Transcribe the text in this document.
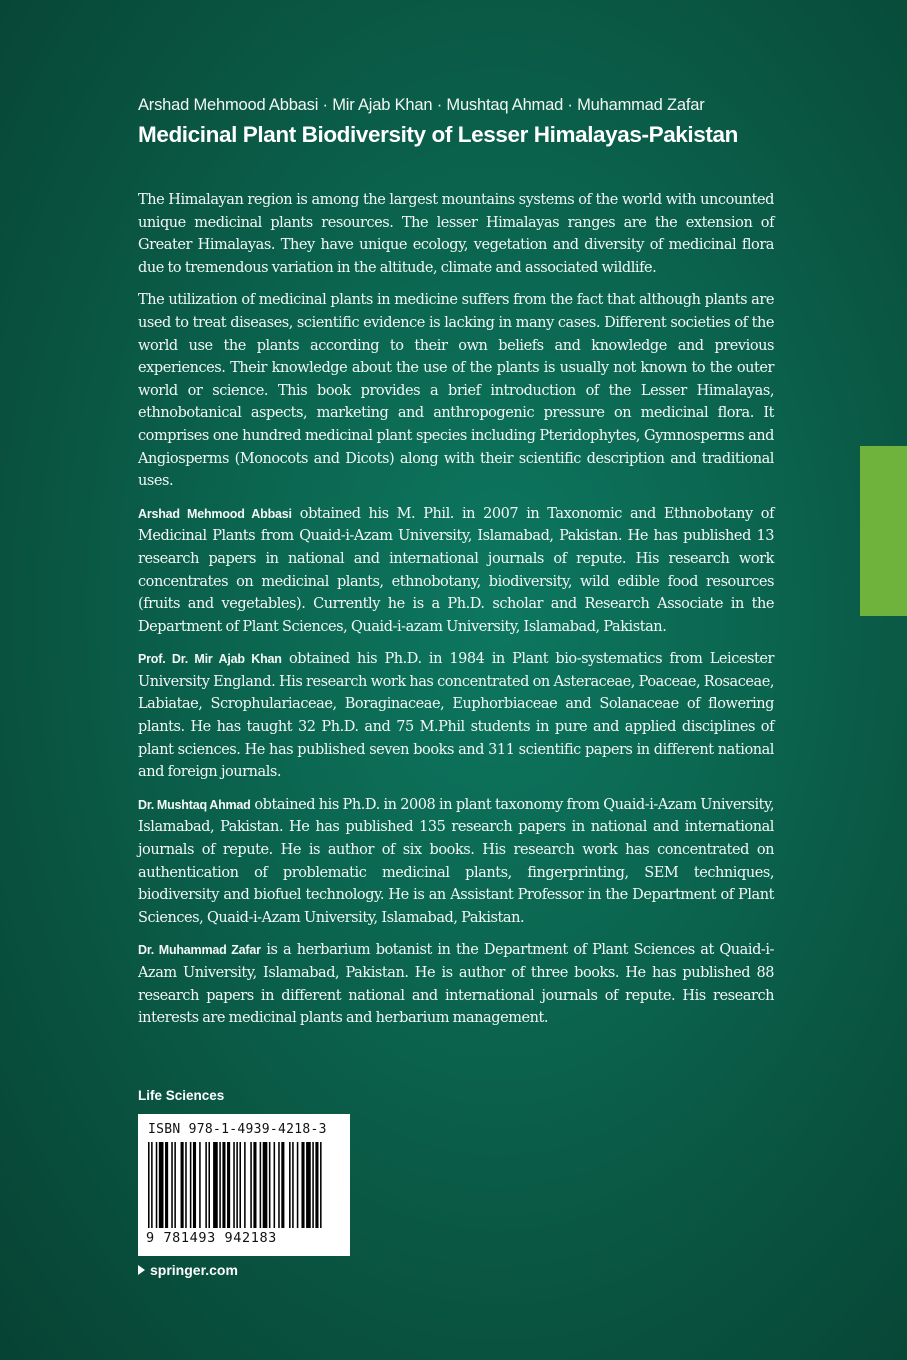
Arshad Mehmood Abbasi · Mir Ajab Khan · Mushtaq Ahmad · Muhammad Zafar
Medicinal Plant Biodiversity of Lesser Himalayas-Pakistan

The Himalayan region is among the largest mountains systems of the world with uncounted unique medicinal plants resources. The lesser Himalayas ranges are the extension of Greater Himalayas. They have unique ecology, vegetation and diversity of medicinal flora due to tremendous variation in the altitude, climate and associated wildlife.

The utilization of medicinal plants in medicine suffers from the fact that although plants are used to treat diseases, scientific evidence is lacking in many cases. Different societies of the world use the plants according to their own beliefs and knowledge and previous experiences. Their knowledge about the use of the plants is usually not known to the outer world or science. This book provides a brief introduction of the Lesser Himalayas, ethnobotanical aspects, marketing and anthropogenic pressure on medicinal flora. It comprises one hundred medicinal plant species including Pteridophytes, Gymnosperms and Angiosperms (Monocots and Dicots) along with their scientific description and traditional uses.

Arshad Mehmood Abbasi obtained his M. Phil. in 2007 in Taxonomic and Ethnobotany of Medicinal Plants from Quaid-i-Azam University, Islamabad, Pakistan. He has published 13 research papers in national and international journals of repute. His research work concentrates on medicinal plants, ethnobotany, biodiversity, wild edible food resources (fruits and vegetables). Currently he is a Ph.D. scholar and Research Associate in the Department of Plant Sciences, Quaid-i-azam University, Islamabad, Pakistan.

Prof. Dr. Mir Ajab Khan obtained his Ph.D. in 1984 in Plant bio-systematics from Leicester University England. His research work has concentrated on Asteraceae, Poaceae, Rosaceae, Labiatae, Scrophulariaceae, Boraginaceae, Euphorbiaceae and Solanaceae of flowering plants. He has taught 32 Ph.D. and 75 M.Phil students in pure and applied disciplines of plant sciences. He has published seven books and 311 scientific papers in different national and foreign journals.

Dr. Mushtaq Ahmad obtained his Ph.D. in 2008 in plant taxonomy from Quaid-i-Azam University, Islamabad, Pakistan. He has published 135 research papers in national and international journals of repute. He is author of six books. His research work has concentrated on authentication of problematic medicinal plants, fingerprinting, SEM techniques, biodiversity and biofuel technology. He is an Assistant Professor in the Department of Plant Sciences, Quaid-i-Azam University, Islamabad, Pakistan.

Dr. Muhammad Zafar is a herbarium botanist in the Department of Plant Sciences at Quaid-i-Azam University, Islamabad, Pakistan. He is author of three books. He has published 88 research papers in different national and international journals of repute. His research interests are medicinal plants and herbarium management.

Life Sciences
ISBN 978-1-4939-4218-3
9 781493 942183
springer.com
